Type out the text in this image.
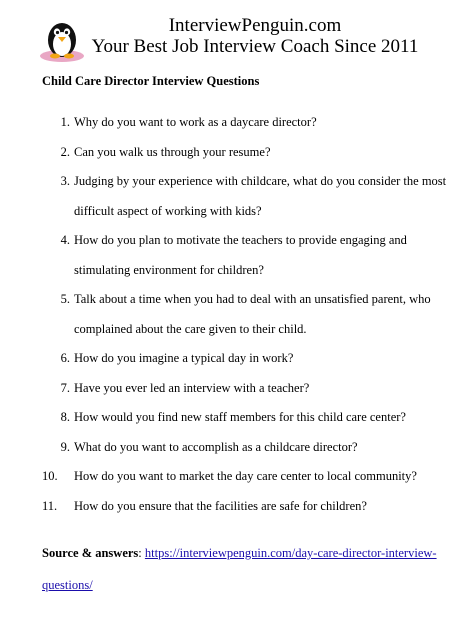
InterviewPenguin.com
Your Best Job Interview Coach Since 2011
Child Care Director Interview Questions
1. Why do you want to work as a daycare director?
2. Can you walk us through your resume?
3. Judging by your experience with childcare, what do you consider the most difficult aspect of working with kids?
4. How do you plan to motivate the teachers to provide engaging and stimulating environment for children?
5. Talk about a time when you had to deal with an unsatisfied parent, who complained about the care given to their child.
6. How do you imagine a typical day in work?
7. Have you ever led an interview with a teacher?
8. How would you find new staff members for this child care center?
9. What do you want to accomplish as a childcare director?
10.	How do you want to market the day care center to local community?
11.	How do you ensure that the facilities are safe for children?
Source & answers: https://interviewpenguin.com/day-care-director-interview-questions/
